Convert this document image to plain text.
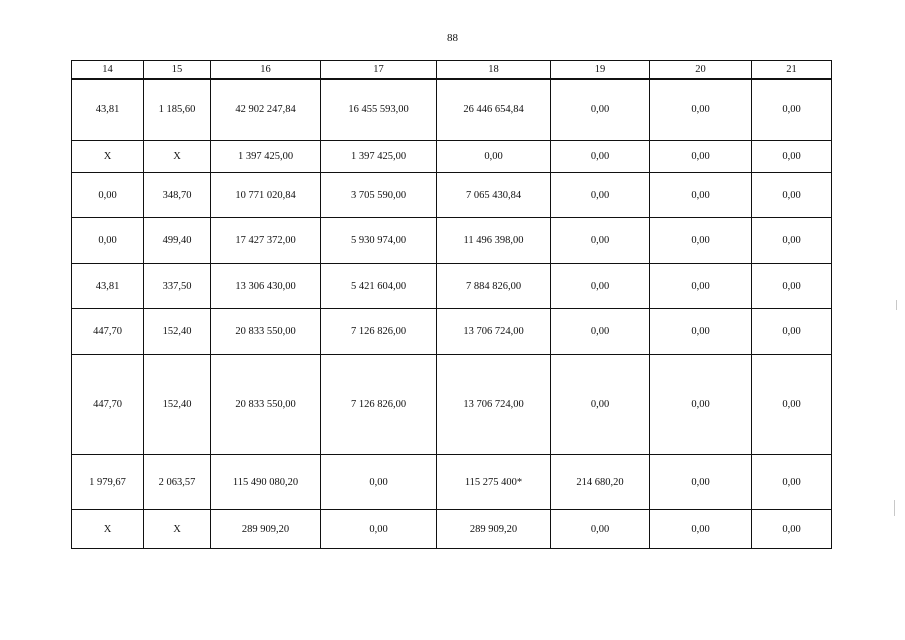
88
14	15	16	17	18	19	20	21
43,81	1 185,60	42 902 247,84	16 455 593,00	26 446 654,84	0,00	0,00	0,00
X	X	1 397 425,00	1 397 425,00	0,00	0,00	0,00	0,00
0,00	348,70	10 771 020,84	3 705 590,00	7 065 430,84	0,00	0,00	0,00
0,00	499,40	17 427 372,00	5 930 974,00	11 496 398,00	0,00	0,00	0,00
43,81	337,50	13 306 430,00	5 421 604,00	7 884 826,00	0,00	0,00	0,00
447,70	152,40	20 833 550,00	7 126 826,00	13 706 724,00	0,00	0,00	0,00
447,70	152,40	20 833 550,00	7 126 826,00	13 706 724,00	0,00	0,00	0,00
1 979,67	2 063,57	115 490 080,20	0,00	115 275 400*	214 680,20	0,00	0,00
X	X	289 909,20	0,00	289 909,20	0,00	0,00	0,00
